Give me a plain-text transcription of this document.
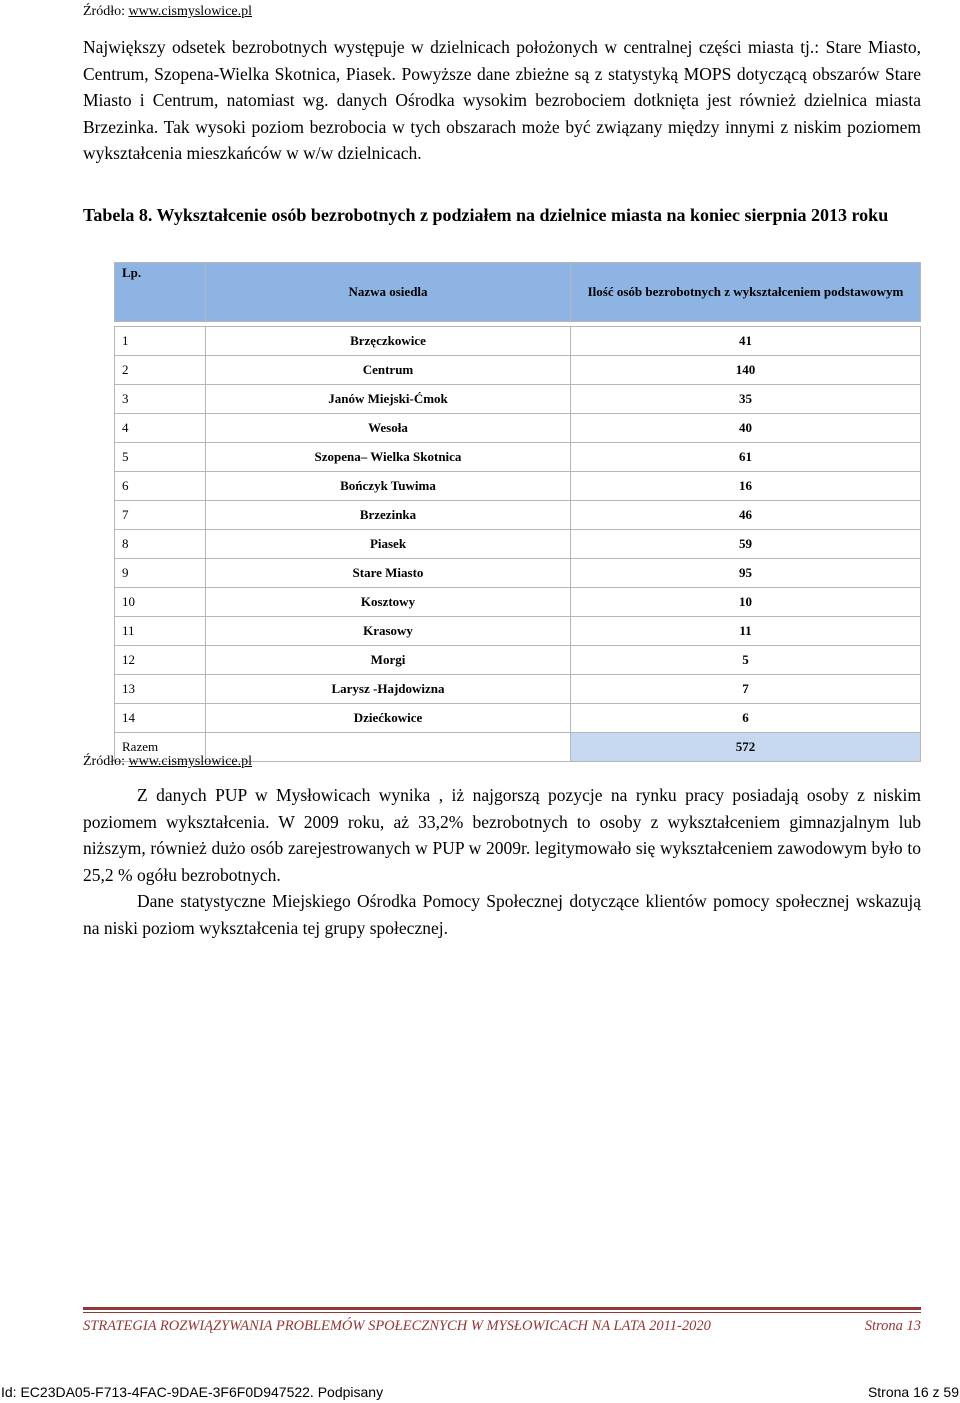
Źródło: www.cismyslowice.pl

Największy odsetek bezrobotnych występuje w dzielnicach położonych w centralnej części miasta tj.: Stare Miasto, Centrum, Szopena-Wielka Skotnica, Piasek. Powyższe dane zbieżne są z statystyką MOPS dotyczącą obszarów Stare Miasto i Centrum, natomiast wg. danych Ośrodka wysokim bezrobociem dotknięta jest również dzielnica miasta Brzezinka. Tak wysoki poziom bezrobocia w tych obszarach może być związany między innymi z niskim poziomem wykształcenia mieszkańców w w/w dzielnicach.

Tabela 8. Wykształcenie osób bezrobotnych z podziałem na dzielnice miasta na koniec sierpnia 2013 roku

Lp.	Nazwa osiedla	Ilość osób bezrobotnych z wykształceniem podstawowym

1	Brzęczkowice	41
2	Centrum	140
3	Janów Miejski-Ćmok	35
4	Wesoła	40
5	Szopena– Wielka Skotnica	61
6	Bończyk Tuwima	16
7	Brzezinka	46
8	Piasek	59
9	Stare Miasto	95
10	Kosztowy	10
11	Krasowy	11
12	Morgi	5
13	Larysz -Hajdowizna	7
14	Dziećkowice	6
Razem		572
Źródło: www.cismyslowice.pl

Z danych PUP w Mysłowicach wynika , iż najgorszą pozycje na rynku pracy posiadają osoby z niskim poziomem wykształcenia. W 2009 roku, aż 33,2% bezrobotnych to osoby z wykształceniem gimnazjalnym lub niższym, również dużo osób zarejestrowanych w PUP w 2009r. legitymowało się wykształceniem zawodowym było to 25,2 % ogółu bezrobotnych.

Dane statystyczne Miejskiego Ośrodka Pomocy Społecznej dotyczące klientów pomocy społecznej wskazują na niski poziom wykształcenia tej grupy społecznej.

STRATEGIA ROZWIĄZYWANIA PROBLEMÓW SPOŁECZNYCH W MYSŁOWICACH NA LATA 2011-2020	Strona 13
Id: EC23DA05-F713-4FAC-9DAE-3F6F0D947522. Podpisany	Strona 16 z 59
